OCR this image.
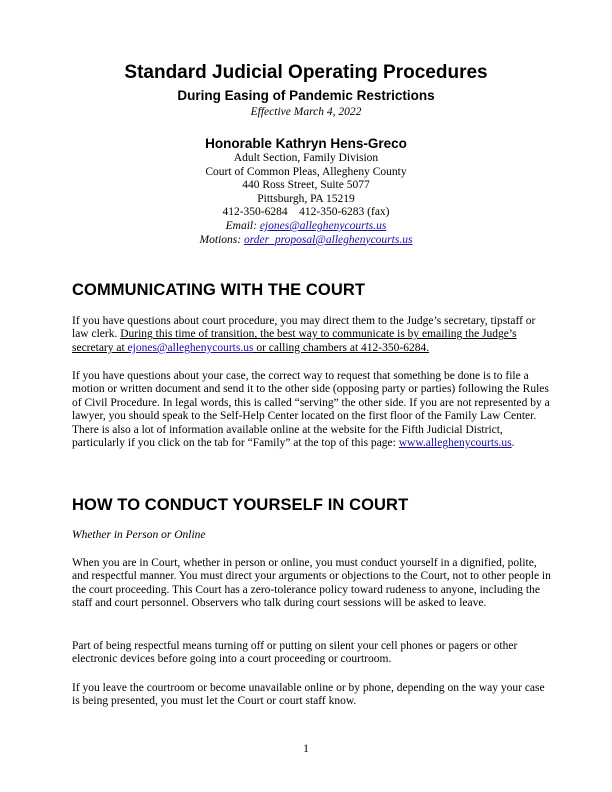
Standard Judicial Operating Procedures
During Easing of Pandemic Restrictions
Effective March 4, 2022
Honorable Kathryn Hens-Greco
Adult Section, Family Division
Court of Common Pleas, Allegheny County
440 Ross Street, Suite 5077
Pittsburgh, PA 15219
412-350-6284    412-350-6283 (fax)
Email: ejones@alleghenycourts.us
Motions: order_proposal@alleghenycourts.us
COMMUNICATING WITH THE COURT
If you have questions about court procedure, you may direct them to the Judge’s secretary, tipstaff or law clerk. During this time of transition, the best way to communicate is by emailing the Judge’s secretary at ejones@alleghenycourts.us or calling chambers at 412-350-6284.
If you have questions about your case, the correct way to request that something be done is to file a motion or written document and send it to the other side (opposing party or parties) following the Rules of Civil Procedure. In legal words, this is called “serving” the other side. If you are not represented by a lawyer, you should speak to the Self-Help Center located on the first floor of the Family Law Center. There is also a lot of information available online at the website for the Fifth Judicial District, particularly if you click on the tab for “Family” at the top of this page: www.alleghenycourts.us.
HOW TO CONDUCT YOURSELF IN COURT
Whether in Person or Online
When you are in Court, whether in person or online, you must conduct yourself in a dignified, polite, and respectful manner. You must direct your arguments or objections to the Court, not to other people in the court proceeding. This Court has a zero-tolerance policy toward rudeness to anyone, including the staff and court personnel. Observers who talk during court sessions will be asked to leave.
Part of being respectful means turning off or putting on silent your cell phones or pagers or other electronic devices before going into a court proceeding or courtroom.
If you leave the courtroom or become unavailable online or by phone, depending on the way your case is being presented, you must let the Court or court staff know.
1
